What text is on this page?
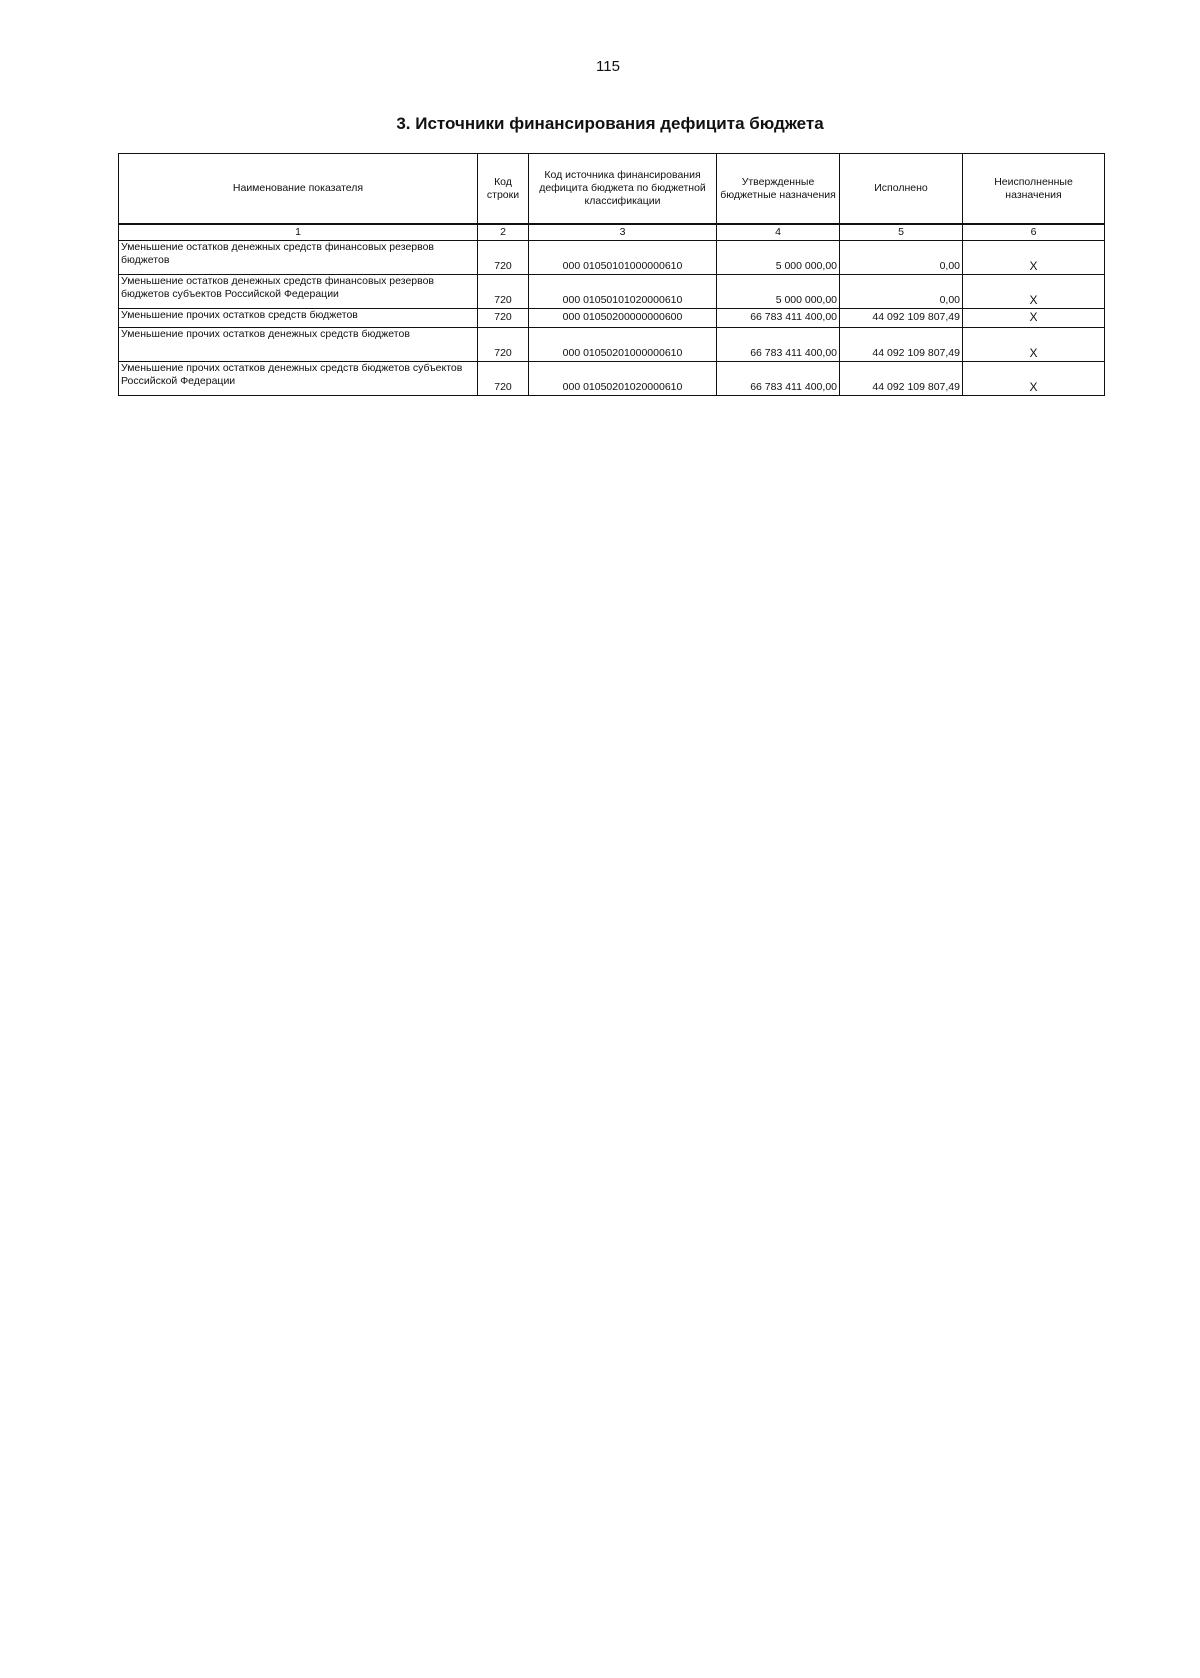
115
3. Источники финансирования дефицита бюджета
Наименование показателя	Код строки	Код источника финансирования дефицита бюджета по бюджетной классификации	Утвержденные бюджетные назначения	Исполнено	Неисполненные назначения
1	2	3	4	5	6
Уменьшение остатков денежных средств финансовых резервов бюджетов	720	000 01050101000000610	5 000 000,00	0,00	X
Уменьшение остатков денежных средств финансовых резервов бюджетов субъектов Российской Федерации	720	000 01050101020000610	5 000 000,00	0,00	X
Уменьшение прочих остатков средств бюджетов	720	000 01050200000000600	66 783 411 400,00	44 092 109 807,49	X
Уменьшение прочих остатков денежных средств бюджетов	720	000 01050201000000610	66 783 411 400,00	44 092 109 807,49	X
Уменьшение прочих остатков денежных средств бюджетов субъектов Российской Федерации	720	000 01050201020000610	66 783 411 400,00	44 092 109 807,49	X
